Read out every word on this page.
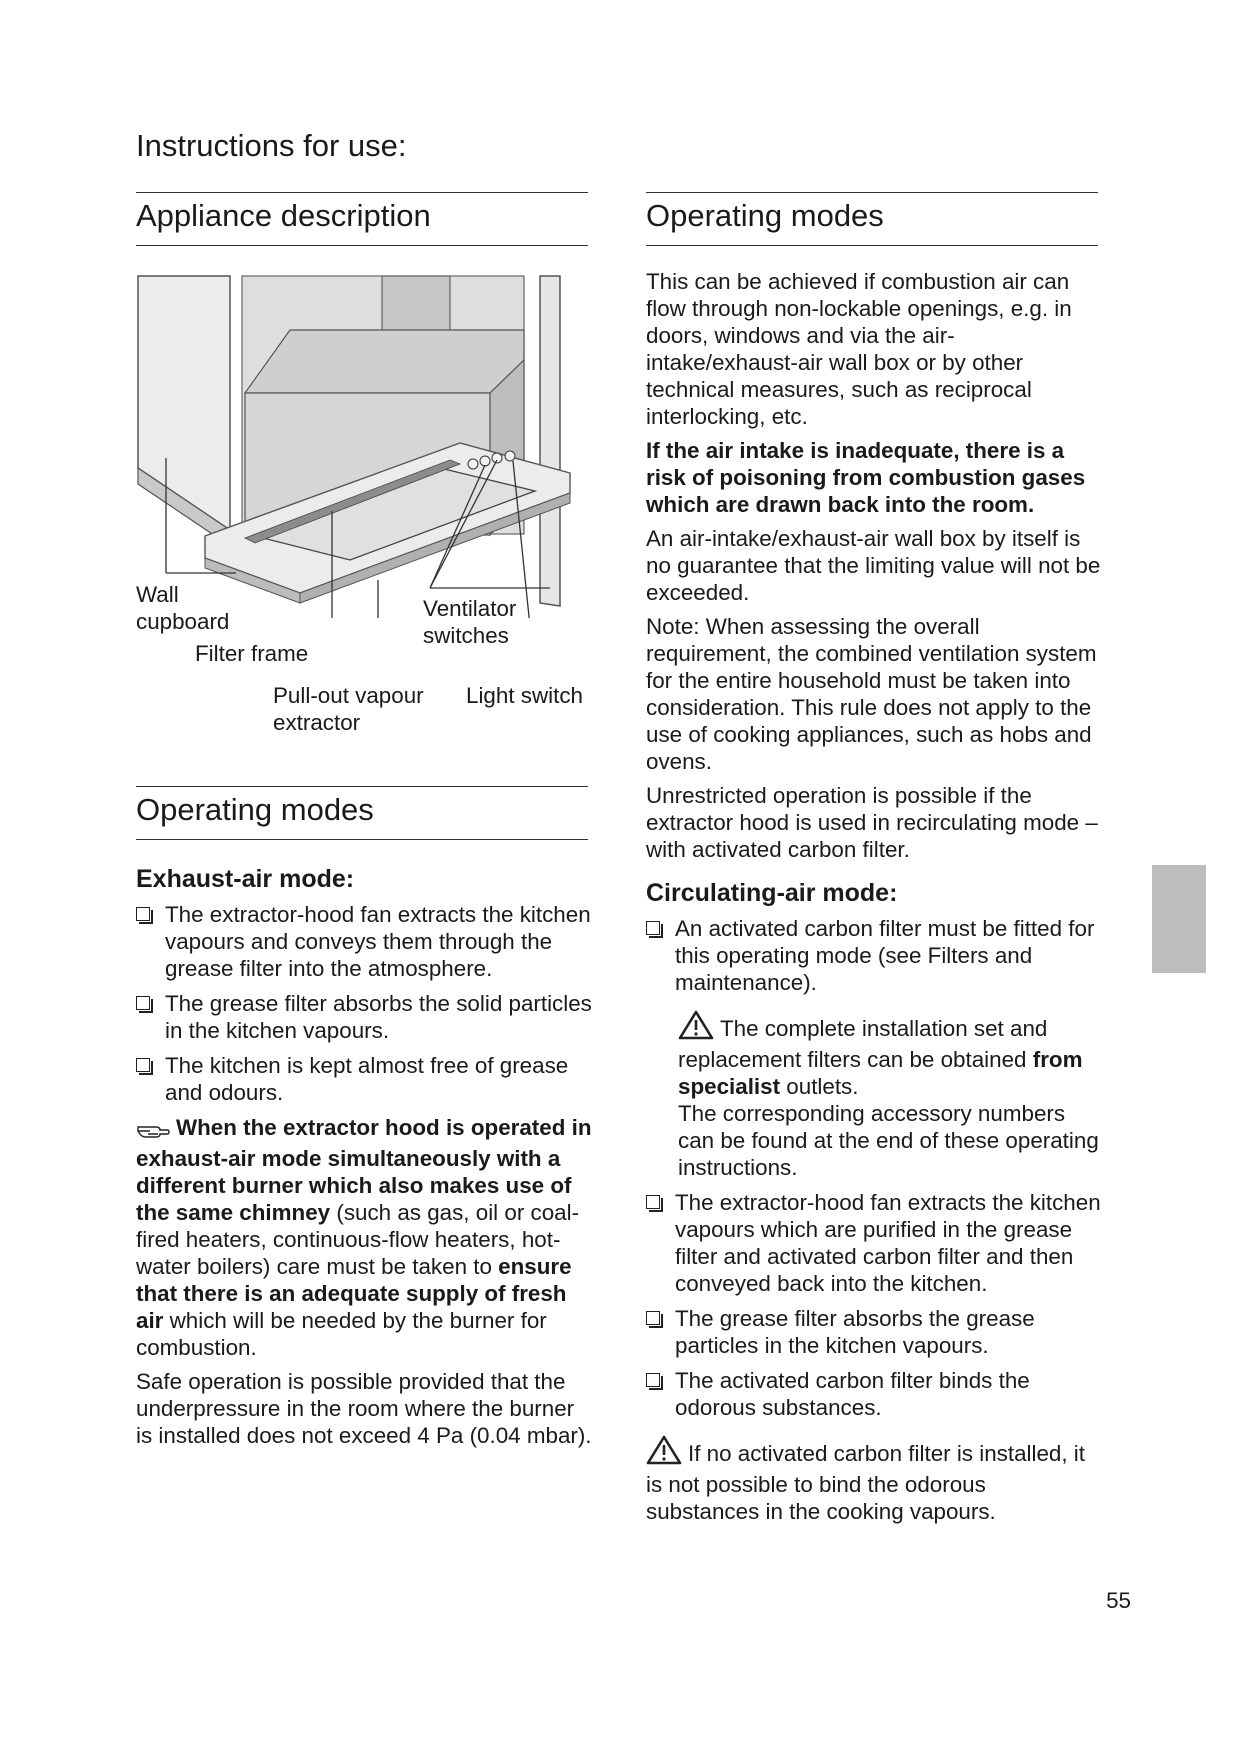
Instructions for use:
Appliance description
Wall
cupboard
Filter frame
Ventilator
switches
Pull-out vapour
extractor
Light switch
Operating modes
Exhaust-air mode:
The extractor-hood fan extracts the kitchen vapours and conveys them through the grease filter into the atmosphere.
The grease filter absorbs the solid particles in the kitchen vapours.
The kitchen is kept almost free of grease and odours.

When the extractor hood is operated in exhaust-air mode simultaneously with a different burner which also makes use of the same chimney (such as gas, oil or coal-fired heaters, continuous-flow heaters, hot-water boilers) care must be taken to ensure that there is an adequate supply of fresh air which will be needed by the burner for combustion.

Safe operation is possible provided that the underpressure in the room where the burner is installed does not exceed 4 Pa (0.04 mbar).

Operating modes

This can be achieved if combustion air can flow through non-lockable openings, e.g. in doors, windows and via the air-intake/exhaust-air wall box or by other technical measures, such as reciprocal interlocking, etc.

If the air intake is inadequate, there is a risk of poisoning from combustion gases which are drawn back into the room.

An air-intake/exhaust-air wall box by itself is no guarantee that the limiting value will not be exceeded.

Note: When assessing the overall requirement, the combined ventilation system for the entire household must be taken into consideration. This rule does not apply to the use of cooking appliances, such as hobs and ovens.

Unrestricted operation is possible if the extractor hood is used in recirculating mode – with activated carbon filter.

Circulating-air mode:
An activated carbon filter must be fitted for this operating mode (see Filters and maintenance).
The complete installation set and replacement filters can be obtained from specialist outlets.
The corresponding accessory numbers can be found at the end of these operating instructions.
The extractor-hood fan extracts the kitchen vapours which are purified in the grease filter and activated carbon filter and then conveyed back into the kitchen.
The grease filter absorbs the grease particles in the kitchen vapours.
The activated carbon filter binds the odorous substances.

If no activated carbon filter is installed, it is not possible to bind the odorous substances in the cooking vapours.

55
